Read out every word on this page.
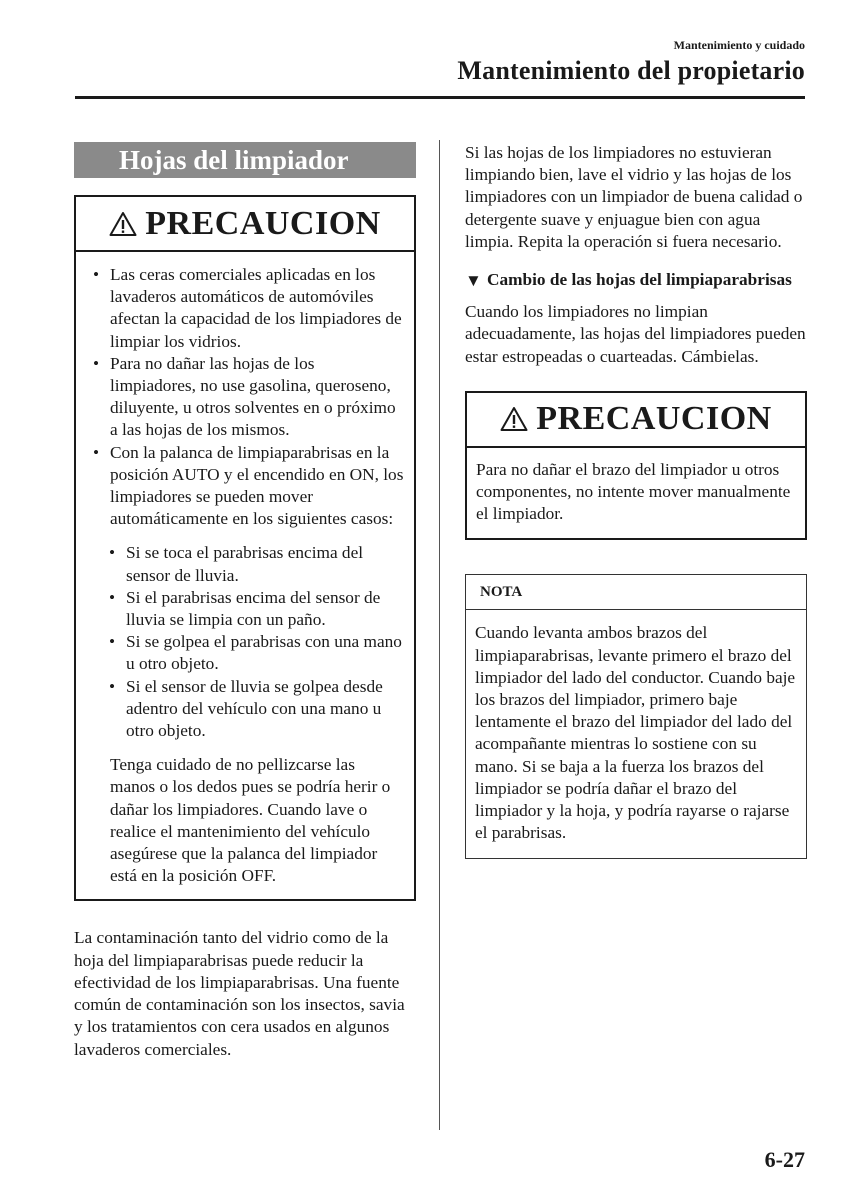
Mantenimiento y cuidado
Mantenimiento del propietario
Hojas del limpiador
PRECAUCION
• Las ceras comerciales aplicadas en los lavaderos automáticos de automóviles afectan la capacidad de los limpiadores de limpiar los vidrios.
• Para no dañar las hojas de los limpiadores, no use gasolina, queroseno, diluyente, u otros solventes en o próximo a las hojas de los mismos.
• Con la palanca de limpiaparabrisas en la posición AUTO y el encendido en ON, los limpiadores se pueden mover automáticamente en los siguientes casos:
• Si se toca el parabrisas encima del sensor de lluvia.
• Si el parabrisas encima del sensor de lluvia se limpia con un paño.
• Si se golpea el parabrisas con una mano u otro objeto.
• Si el sensor de lluvia se golpea desde adentro del vehículo con una mano u otro objeto.
Tenga cuidado de no pellizcarse las manos o los dedos pues se podría herir o dañar los limpiadores. Cuando lave o realice el mantenimiento del vehículo asegúrese que la palanca del limpiador está en la posición OFF.
La contaminación tanto del vidrio como de la hoja del limpiaparabrisas puede reducir la efectividad de los limpiaparabrisas. Una fuente común de contaminación son los insectos, savia y los tratamientos con cera usados en algunos lavaderos comerciales.
Si las hojas de los limpiadores no estuvieran limpiando bien, lave el vidrio y las hojas de los limpiadores con un limpiador de buena calidad o detergente suave y enjuague bien con agua limpia. Repita la operación si fuera necesario.
▼ Cambio de las hojas del limpiaparabrisas
Cuando los limpiadores no limpian adecuadamente, las hojas del limpiadores pueden estar estropeadas o cuarteadas. Cámbielas.
PRECAUCION
Para no dañar el brazo del limpiador u otros componentes, no intente mover manualmente el limpiador.
NOTA
Cuando levanta ambos brazos del limpiaparabrisas, levante primero el brazo del limpiador del lado del conductor. Cuando baje los brazos del limpiador, primero baje lentamente el brazo del limpiador del lado del acompañante mientras lo sostiene con su mano. Si se baja a la fuerza los brazos del limpiador se podría dañar el brazo del limpiador y la hoja, y podría rayarse o rajarse el parabrisas.
6-27
